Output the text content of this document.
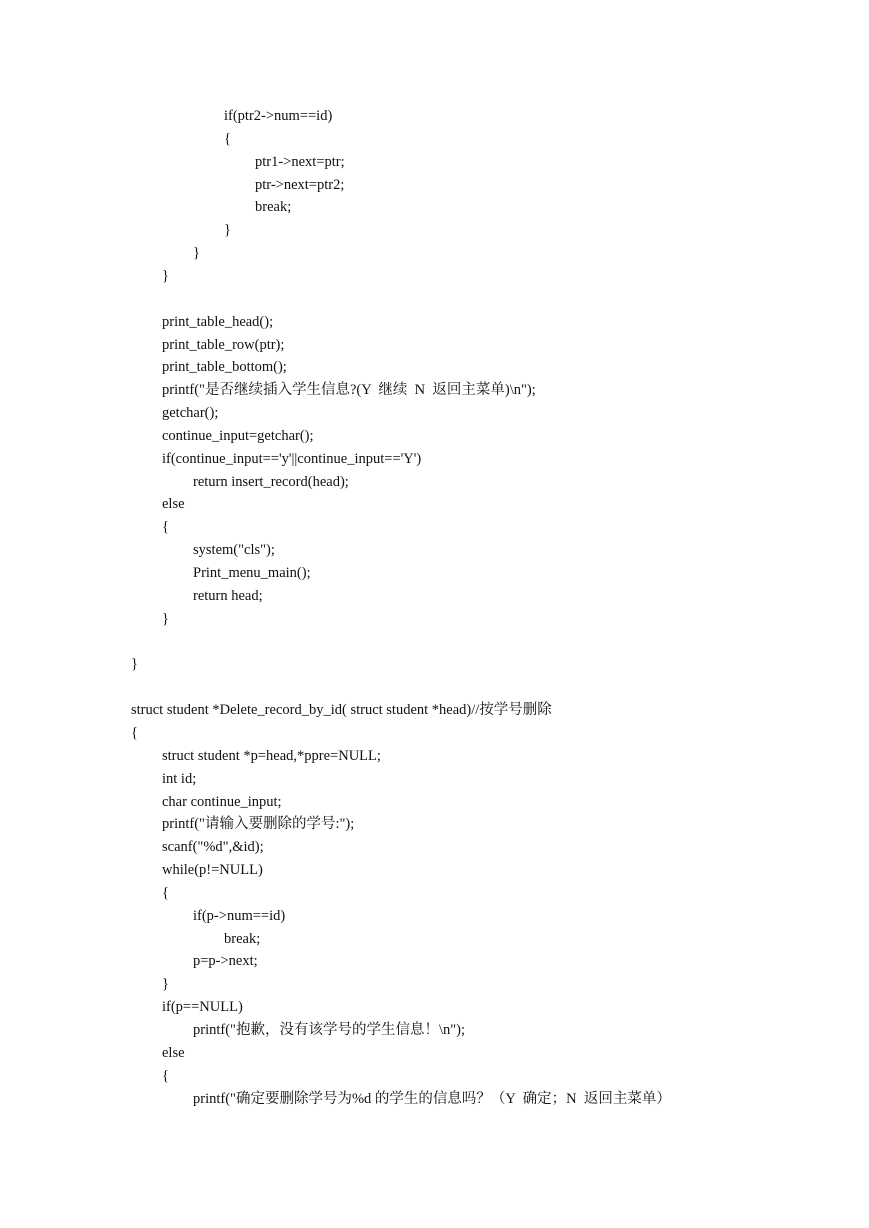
if(ptr2->num==id)
{
ptr1->next=ptr;
ptr->next=ptr2;
break;
}
}
}
print_table_head();
print_table_row(ptr);
print_table_bottom();
printf("是否继续插入学生信息?(Y  继续  N  返回主菜单)\n");
getchar();
continue_input=getchar();
if(continue_input=='y'||continue_input=='Y')
return insert_record(head);
else
{
system("cls");
Print_menu_main();
return head;
}
}
struct student *Delete_record_by_id( struct student *head)//按学号删除
{
struct student *p=head,*ppre=NULL;
int id;
char continue_input;
printf("请输入要删除的学号:");
scanf("%d",&id);
while(p!=NULL)
{
if(p->num==id)
break;
p=p->next;
}
if(p==NULL)
printf("抱歉，没有该学号的学生信息！\n");
else
{
printf("确定要删除学号为%d 的学生的信息吗？（Y  确定；N  返回主菜单）
